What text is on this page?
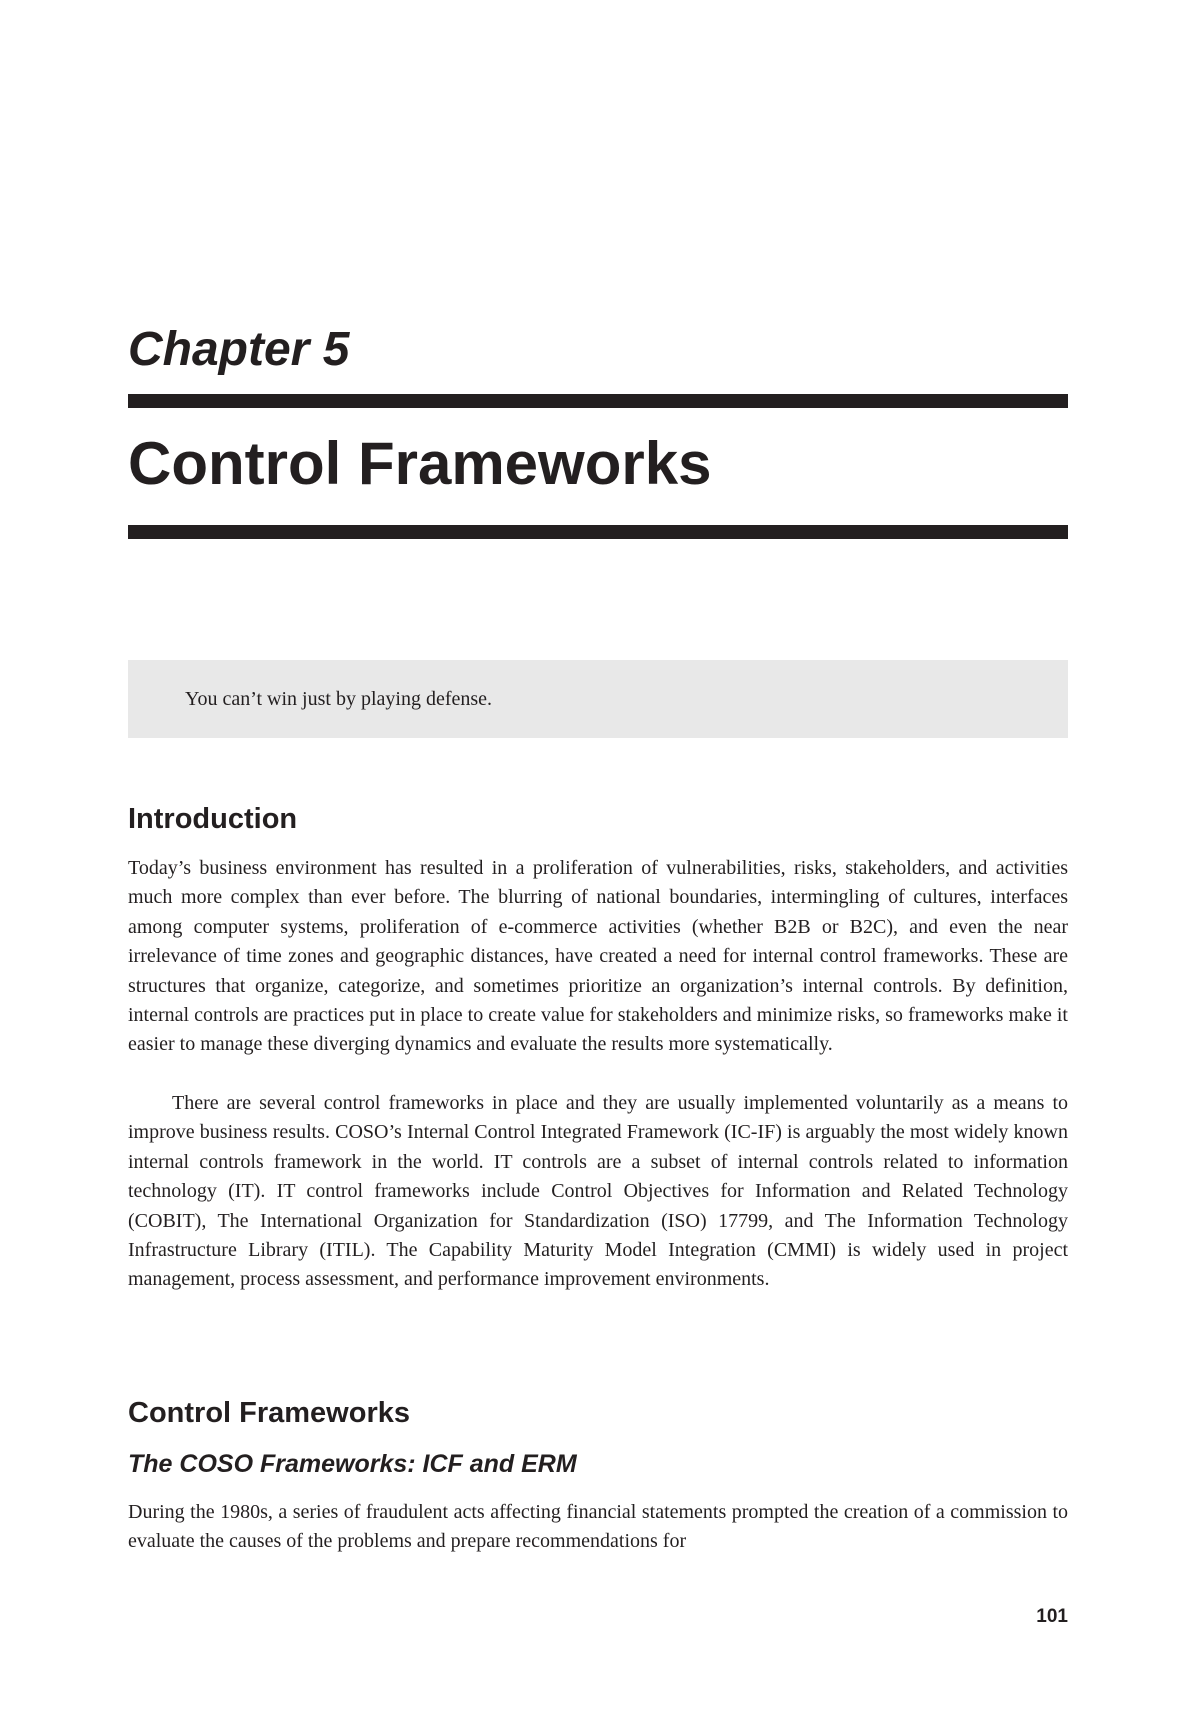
Chapter 5
Control Frameworks
You can’t win just by playing defense.
Introduction

Today’s business environment has resulted in a proliferation of vulnerabilities, risks, stakeholders, and activities much more complex than ever before. The blurring of national boundaries, intermingling of cultures, interfaces among computer systems, proliferation of e-commerce activities (whether B2B or B2C), and even the near irrelevance of time zones and geographic distances, have created a need for internal control frameworks. These are structures that organize, categorize, and sometimes prioritize an organization’s internal controls. By definition, internal controls are practices put in place to create value for stakeholders and minimize risks, so frameworks make it easier to manage these diverging dynamics and evaluate the results more systematically.

There are several control frameworks in place and they are usually implemented voluntarily as a means to improve business results. COSO’s Internal Control Integrated Framework (IC-IF) is arguably the most widely known internal controls framework in the world. IT controls are a subset of internal controls related to information technology (IT). IT control frameworks include Control Objectives for Information and Related Technology (COBIT), The International Organization for Standardization (ISO) 17799, and The Information Technology Infrastructure Library (ITIL). The Capability Maturity Model Integration (CMMI) is widely used in project management, process assessment, and performance improvement environments.

Control Frameworks
The COSO Frameworks: ICF and ERM

During the 1980s, a series of fraudulent acts affecting financial statements prompted the creation of a commission to evaluate the causes of the problems and prepare recommendations for

101
